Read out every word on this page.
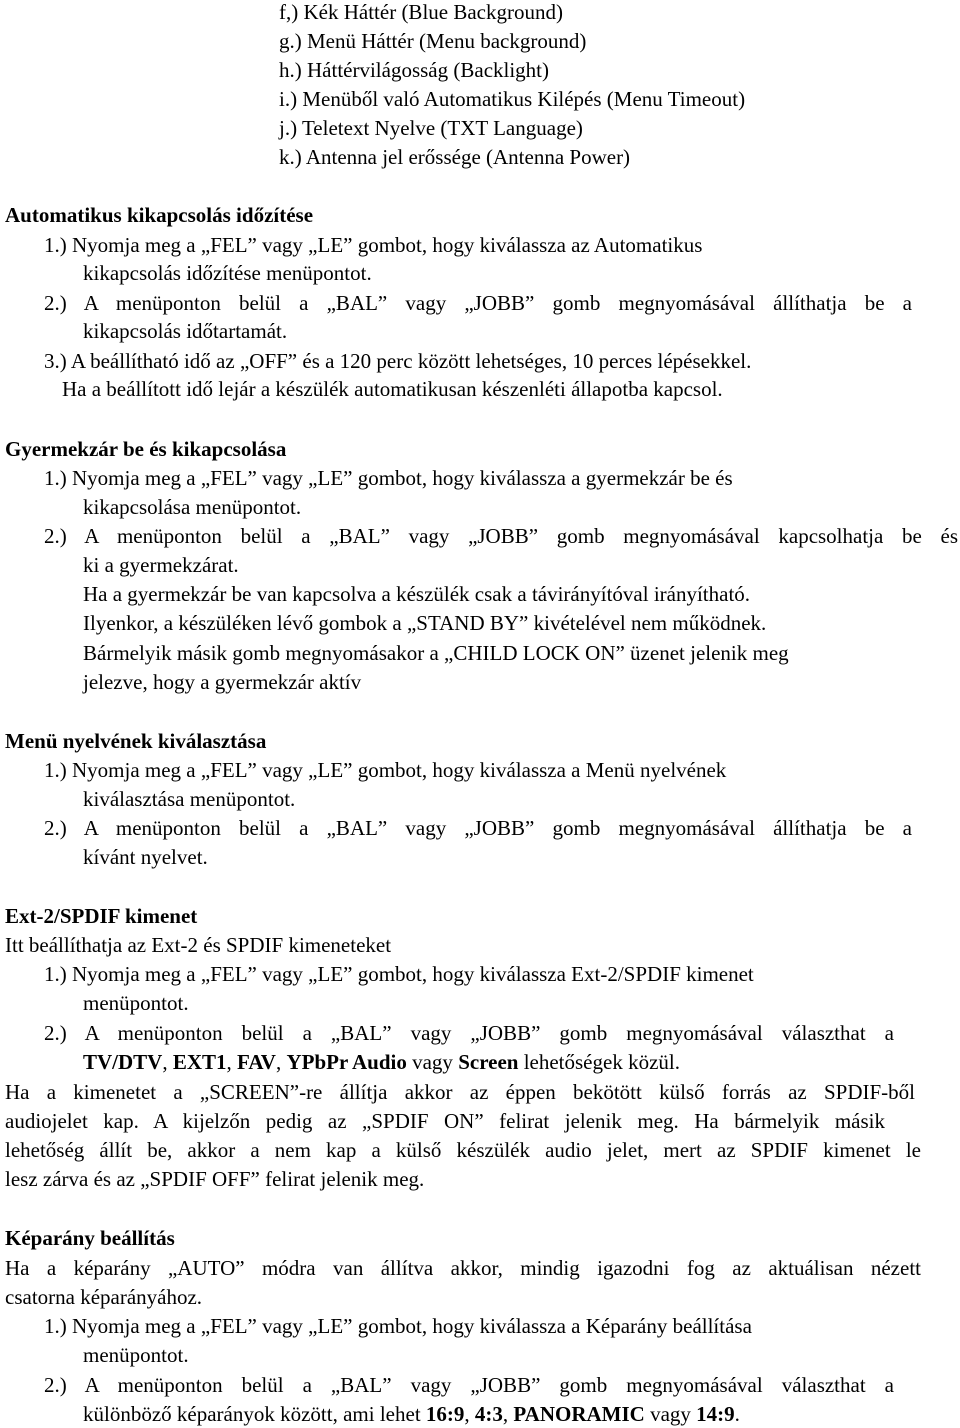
f,) Kék Háttér (Blue Background)
g.) Menü Háttér (Menu background)
h.) Háttérvilágosság (Backlight)
i.) Menüből való Automatikus Kilépés (Menu Timeout)
j.) Teletext Nyelve (TXT Language)
k.) Antenna jel erőssége (Antenna Power)
Automatikus kikapcsolás időzítése
1.) Nyomja meg a „FEL” vagy „LE” gombot, hogy kiválassza az Automatikus
kikapcsolás időzítése menüpontot.
2.) A menüponton belül a „BAL” vagy „JOBB” gomb megnyomásával állíthatja be a
kikapcsolás időtartamát.
3.) A beállítható idő az „OFF” és a 120 perc között lehetséges, 10 perces lépésekkel.
Ha a beállított idő lejár a készülék automatikusan készenléti állapotba kapcsol.
Gyermekzár be és kikapcsolása
1.) Nyomja meg a „FEL” vagy „LE” gombot, hogy kiválassza a gyermekzár be és
kikapcsolása menüpontot.
2.) A menüponton belül a „BAL” vagy „JOBB” gomb megnyomásával kapcsolhatja be és
ki a gyermekzárat.
Ha a gyermekzár be van kapcsolva a készülék csak a távirányítóval irányítható.
Ilyenkor, a készüléken lévő gombok a „STAND BY” kivételével nem működnek.
Bármelyik másik gomb megnyomásakor a „CHILD LOCK ON” üzenet jelenik meg
jelezve, hogy a gyermekzár aktív
Menü nyelvének kiválasztása
1.) Nyomja meg a „FEL” vagy „LE” gombot, hogy kiválassza a Menü nyelvének
kiválasztása menüpontot.
2.) A menüponton belül a „BAL” vagy „JOBB” gomb megnyomásával állíthatja be a
kívánt nyelvet.
Ext-2/SPDIF kimenet
Itt beállíthatja az Ext-2 és SPDIF kimeneteket
1.) Nyomja meg a „FEL” vagy „LE” gombot, hogy kiválassza Ext-2/SPDIF kimenet
menüpontot.
2.) A menüponton belül a „BAL” vagy „JOBB” gomb megnyomásával választhat a
TV/DTV, EXT1, FAV, YPbPr Audio vagy Screen lehetőségek közül.
Ha a kimenetet a „SCREEN”-re állítja akkor az éppen bekötött külső forrás az SPDIF-ből
audiojelet kap. A kijelzőn pedig az „SPDIF ON” felirat jelenik meg. Ha bármelyik másik
lehetőség állít be, akkor a nem kap a külső készülék audio jelet, mert az SPDIF kimenet le
lesz zárva és az „SPDIF OFF” felirat jelenik meg.
Képarány beállítás
Ha a képarány „AUTO” módra van állítva akkor, mindig igazodni fog az aktuálisan nézett
csatorna képarányához.
1.) Nyomja meg a „FEL” vagy „LE” gombot, hogy kiválassza a Képarány beállítása
menüpontot.
2.) A menüponton belül a „BAL” vagy „JOBB” gomb megnyomásával választhat a
különböző képarányok között, ami lehet 16:9, 4:3, PANORAMIC vagy 14:9.
